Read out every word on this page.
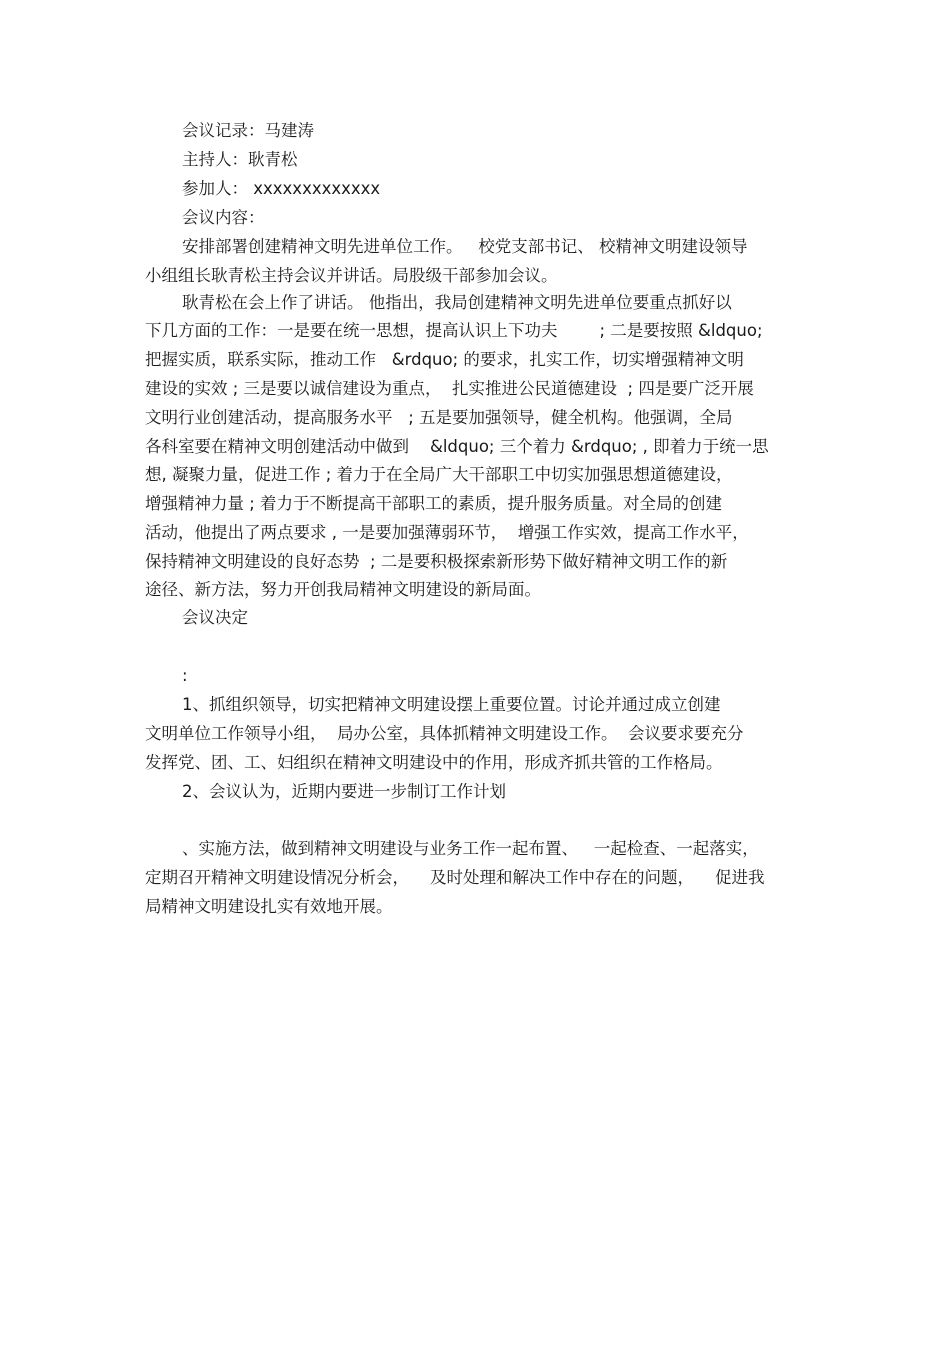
会议记录：马建涛
主持人：耿青松
参加人： xxxxxxxxxxxxx
会议内容：
安排部署创建精神文明先进单位工作。   校党支部书记、 校精神文明建设领导
小组组长耿青松主持会议并讲话。局股级干部参加会议。
耿青松在会上作了讲话。 他指出，我局创建精神文明先进单位要重点抓好以
下几方面的工作：一是要在统一思想，提高认识上下功夫        ; 二是要按照 &ldquo;
把握实质，联系实际，推动工作   &rdquo; 的要求，扎实工作，切实增强精神文明
建设的实效 ; 三是要以诚信建设为重点，  扎实推进公民道德建设  ; 四是要广泛开展
文明行业创建活动，提高服务水平   ; 五是要加强领导，健全机构。他强调，全局
各科室要在精神文明创建活动中做到    &ldquo; 三个着力 &rdquo; , 即着力于统一思
想, 凝聚力量，促进工作 ; 着力于在全局广大干部职工中切实加强思想道德建设，
增强精神力量 ; 着力于不断提高干部职工的素质，提升服务质量。对全局的创建
活动，他提出了两点要求 , 一是要加强薄弱环节，  增强工作实效，提高工作水平，
保持精神文明建设的良好态势  ; 二是要积极探索新形势下做好精神文明工作的新
途径、新方法，努力开创我局精神文明建设的新局面。
会议决定
:
1、抓组织领导，切实把精神文明建设摆上重要位置。讨论并通过成立创建
文明单位工作领导小组，  局办公室，具体抓精神文明建设工作。  会议要求要充分
发挥党、团、工、妇组织在精神文明建设中的作用，形成齐抓共管的工作格局。
2、会议认为，近期内要进一步制订工作计划
、实施方法，做到精神文明建设与业务工作一起布置、   一起检查、一起落实，
定期召开精神文明建设情况分析会，    及时处理和解决工作中存在的问题，    促进我
局精神文明建设扎实有效地开展。
